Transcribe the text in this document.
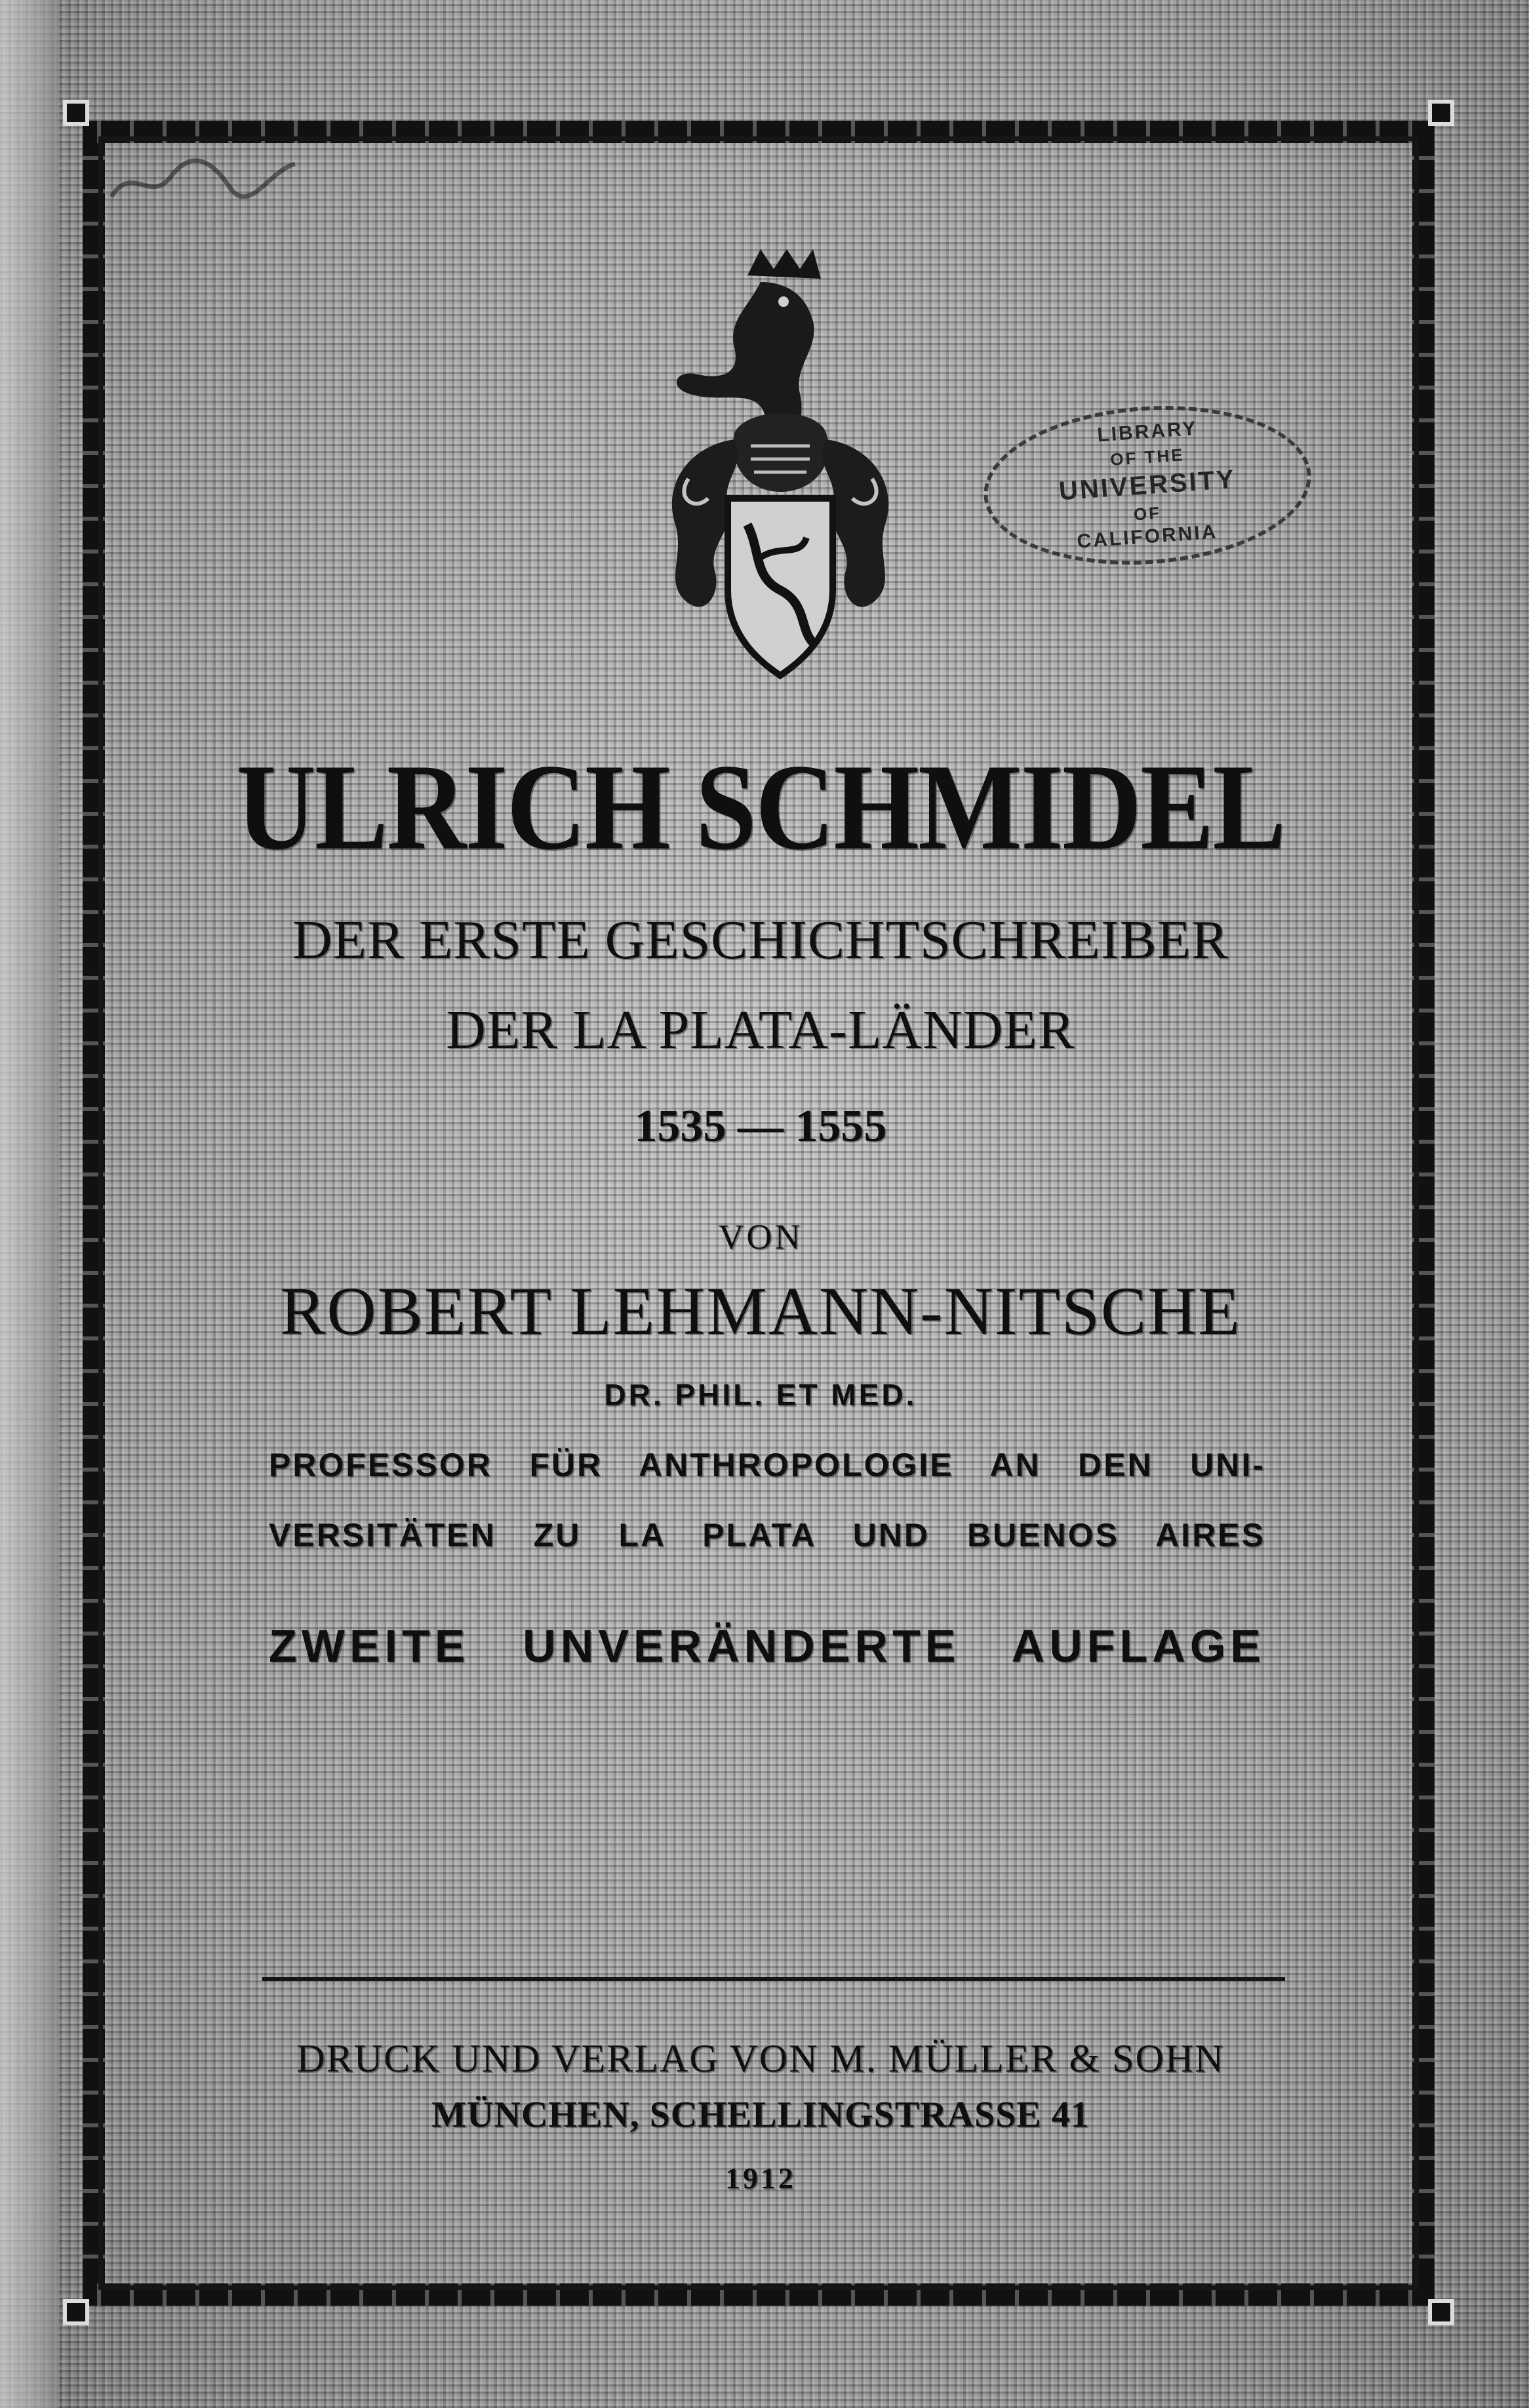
LIBRARY
OF THE
UNIVERSITY
OF
CALIFORNIA
ULRICH SCHMIDEL
DER ERSTE GESCHICHTSCHREIBER
DER LA PLATA-LÄNDER
1535 — 1555
VON
ROBERT LEHMANN-NITSCHE
DR. PHIL. ET MED.
PROFESSOR FÜR ANTHROPOLOGIE AN DEN UNI-
VERSITÄTEN ZU LA PLATA UND BUENOS AIRES
ZWEITE UNVERÄNDERTE AUFLAGE
DRUCK UND VERLAG VON M. MÜLLER & SOHN
MÜNCHEN, SCHELLINGSTRASSE 41
1912
